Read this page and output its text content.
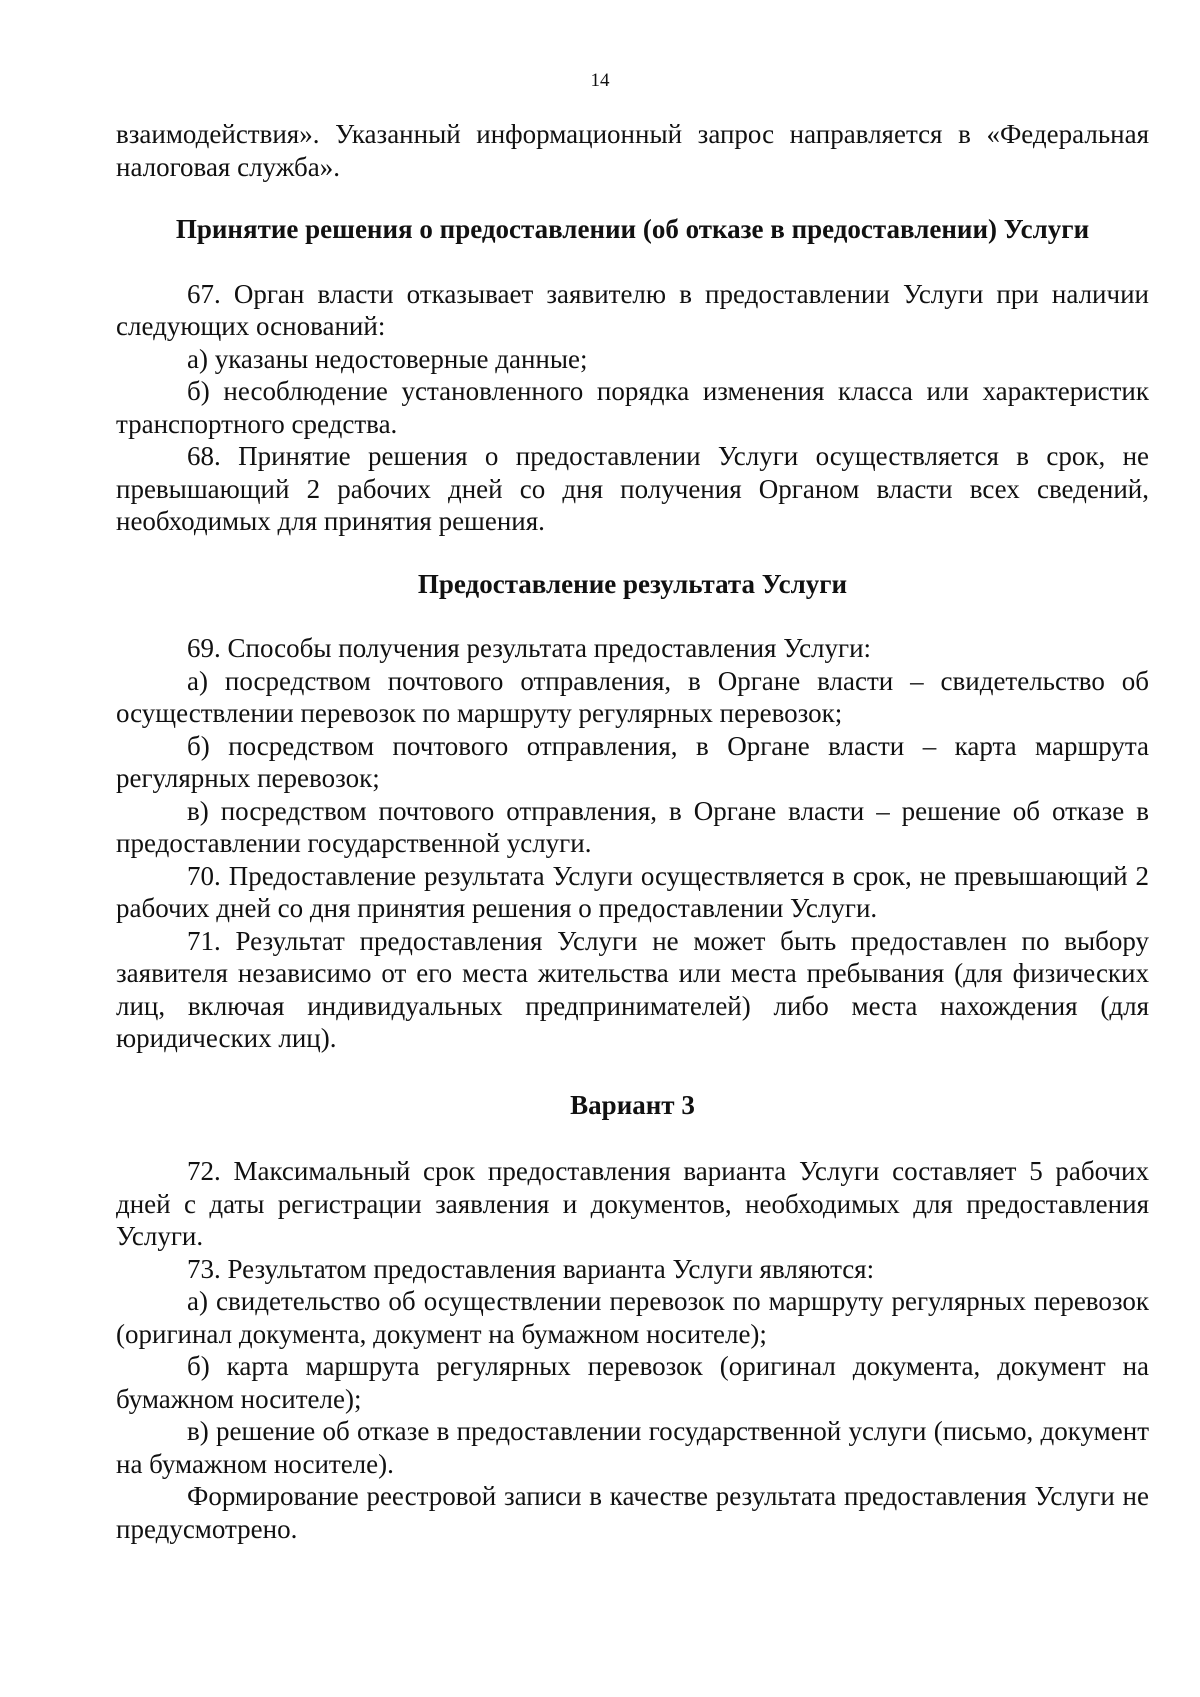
14

взаимодействия». Указанный информационный запрос направляется в «Федеральная налоговая служба».

Принятие решения о предоставлении (об отказе в предоставлении) Услуги

67. Орган власти отказывает заявителю в предоставлении Услуги при наличии следующих оснований:

а) указаны недостоверные данные;

б) несоблюдение установленного порядка изменения класса или характеристик транспортного средства.

68. Принятие решения о предоставлении Услуги осуществляется в срок, не превышающий 2 рабочих дней со дня получения Органом власти всех сведений, необходимых для принятия решения.

Предоставление результата Услуги

69. Способы получения результата предоставления Услуги:

а) посредством почтового отправления, в Органе власти – свидетельство об осуществлении перевозок по маршруту регулярных перевозок;

б) посредством почтового отправления, в Органе власти – карта маршрута регулярных перевозок;

в) посредством почтового отправления, в Органе власти – решение об отказе в предоставлении государственной услуги.

70. Предоставление результата Услуги осуществляется в срок, не превышающий 2 рабочих дней со дня принятия решения о предоставлении Услуги.

71. Результат предоставления Услуги не может быть предоставлен по выбору заявителя независимо от его места жительства или места пребывания (для физических лиц, включая индивидуальных предпринимателей) либо места нахождения (для юридических лиц).

Вариант 3

72. Максимальный срок предоставления варианта Услуги составляет 5 рабочих дней с даты регистрации заявления и документов, необходимых для предоставления Услуги.

73. Результатом предоставления варианта Услуги являются:

а) свидетельство об осуществлении перевозок по маршруту регулярных перевозок (оригинал документа, документ на бумажном носителе);

б) карта маршрута регулярных перевозок (оригинал документа, документ на бумажном носителе);

в) решение об отказе в предоставлении государственной услуги (письмо, документ на бумажном носителе).

Формирование реестровой записи в качестве результата предоставления Услуги не предусмотрено.
